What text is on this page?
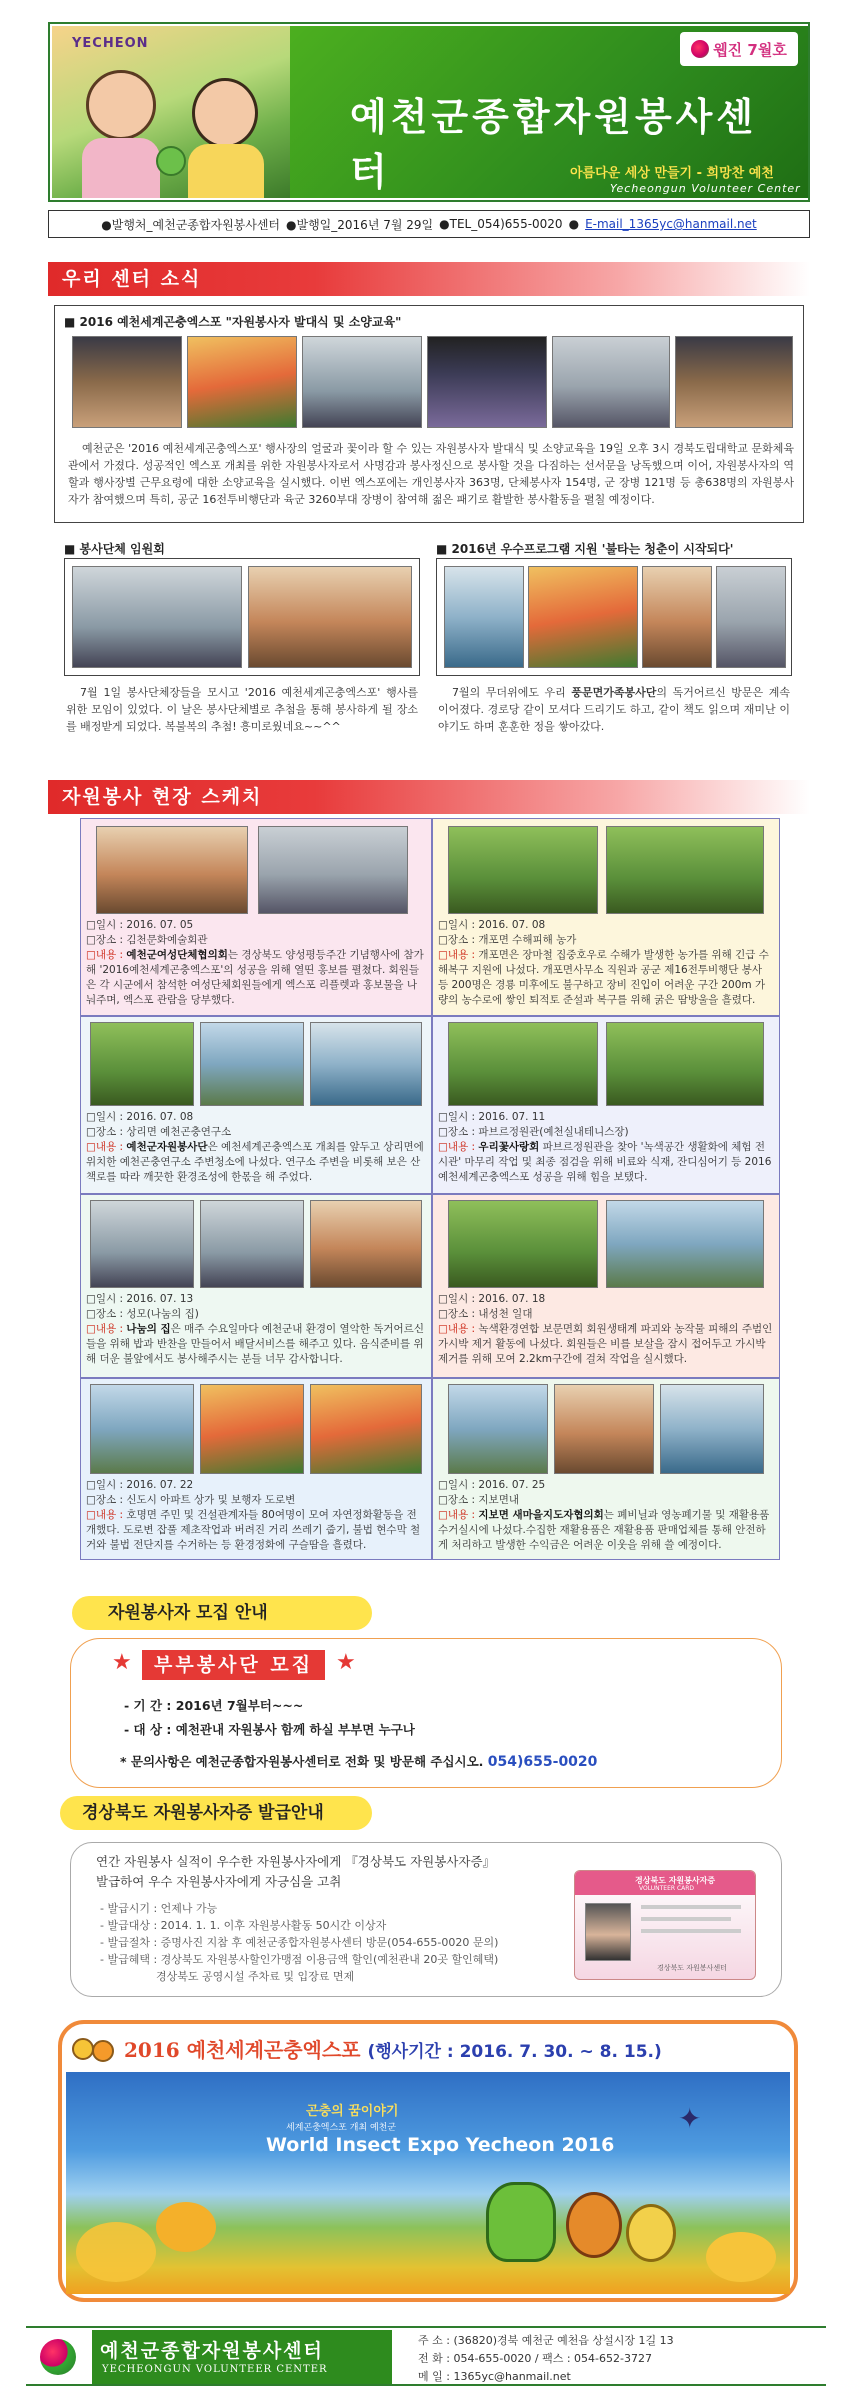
YECHEON	웹진 7월호
예천군종합자원봉사센터	아름다운 세상 만들기 - 희망찬 예천
Yecheongun Volunteer Center
●발행처_예천군종합자원봉사센터 ●발행일_2016년 7월 29일 ●TEL_054)655-0020 ● E-mail_1365yc@hanmail.net
우리 센터 소식
■ 2016 예천세계곤충엑스포 "자원봉사자 발대식 및 소양교육"
예천군은 '2016 예천세계곤충엑스포' 행사장의 얼굴과 꽃이라 할 수 있는 자원봉사자 발대식 및 소양교육을 19일 오후 3시 경북도립대학교 문화체육관에서 가졌다. 성공적인 엑스포 개최를 위한 자원봉사자로서 사명감과 봉사정신으로 봉사할 것을 다짐하는 선서문을 낭독했으며 이어, 자원봉사자의 역할과 행사장별 근무요령에 대한 소양교육을 실시했다. 이번 엑스포에는 개인봉사자 363명, 단체봉사자 154명, 군 장병 121명 등 총638명의 자원봉사자가 참여했으며 특히, 공군 16전투비행단과 육군 3260부대 장병이 참여해 젊은 패기로 활발한 봉사활동을 펼칠 예정이다.
■ 봉사단체 임원회	■ 2016년 우수프로그램 지원 '불타는 청춘이 시작되다'
7월 1일 봉사단체장들을 모시고 '2016 예천세계곤충엑스포' 행사를 위한 모임이 있었다. 이 날은 봉사단체별로 추첨을 통해 봉사하게 될 장소를 배정받게 되었다. 복불복의 추첨! 흥미로웠네요~~^^
7월의 무더위에도 우리 풍문면가족봉사단의 독거어르신 방문은 계속 이어졌다. 경로당 같이 모셔다 드리기도 하고, 같이 책도 읽으며 재미난 이야기도 하며 훈훈한 정을 쌓아갔다.
자원봉사 현장 스케치
□일시 : 2016. 07. 05
□장소 : 김천문화예술회관
□내용 : 예천군여성단체협의회는 경상북도 양성평등주간 기념행사에 참가해 '2016예천세계곤충엑스포'의 성공을 위해 열띤 홍보를 펼쳤다. 회원들은 각 시군에서 참석한 여성단체회원들에게 엑스포 리플렛과 홍보물을 나눠주며, 엑스포 관람을 당부했다.
□일시 : 2016. 07. 08
□장소 : 개포면 수해피해 농가
□내용 : 개포면은 장마철 집중호우로 수해가 발생한 농가를 위해 긴급 수해복구 지원에 나섰다. 개포면사무소 직원과 공군 제16전투비행단 봉사 등 200명은 경룡 미후에도 불구하고 장비 진입이 어려운 구간 200m 가량의 농수로에 쌓인 퇴적토 준설과 복구를 위해 굵은 땀방울을 흘렸다.
□일시 : 2016. 07. 08
□장소 : 상리면 예천곤충연구소
□내용 : 예천군자원봉사단은 예천세계곤충엑스포 개최를 앞두고 상리면에 위치한 예천곤충연구소 주변청소에 나섰다. 연구소 주변을 비롯해 보은 산책로를 따라 깨끗한 환경조성에 한몫을 해 주었다.
□일시 : 2016. 07. 11
□장소 : 파브르정원관(예천실내테니스장)
□내용 : 우리꽃사랑회 파브르정원관을 찾아 '녹색공간 생활화에 체험 전시관' 마무리 작업 및 최종 점검을 위해 비료와 식재, 잔디심어기 등 2016 예천세계곤충엑스포 성공을 위해 힘을 보탰다.
□일시 : 2016. 07. 13
□장소 : 성모(나눔의 집)
□내용 : 나눔의 집은 매주 수요일마다 예천군내 환경이 열악한 독거어르신들을 위해 밥과 반찬을 만들어서 배달서비스를 해주고 있다. 음식준비를 위해 더운 불앞에서도 봉사해주시는 분들 너무 감사합니다.
□일시 : 2016. 07. 18
□장소 : 내성천 일대
□내용 : 녹색환경연합 보문면회 회원생태계 파괴와 농작물 피해의 주범인 가시박 제거 활동에 나섰다. 회원들은 비를 보살을 잠시 접어두고 가시박 제거를 위해 모여 2.2km구간에 걸쳐 작업을 실시했다.
□일시 : 2016. 07. 22
□장소 : 신도시 아파트 상가 및 보행자 도로변
□내용 : 호명면 주민 및 건설관계자들 80여명이 모여 자연정화활동을 전개했다. 도로변 잡풀 제초작업과 버려진 거리 쓰레기 줍기, 불법 현수막 철거와 불법 전단지를 수거하는 등 환경정화에 구슬땀을 흘렸다.
□일시 : 2016. 07. 25
□장소 : 지보면내
□내용 : 지보면 새마을지도자협의회는 폐비닐과 영농폐기물 및 재활용품 수거실시에 나섰다.수집한 재활용품은 재활용품 판매업체를 통해 안전하게 처리하고 발생한 수익금은 어려운 이웃을 위해 쓸 예정이다.
자원봉사자 모집 안내
★	부부봉사단 모집	★
- 기 간 : 2016년 7월부터~~~
- 대 상 : 예천관내 자원봉사 함께 하실 부부면 누구나
* 문의사항은 예천군종합자원봉사센터로 전화 및 방문해 주십시오. 054)655-0020
경상북도 자원봉사자증 발급안내
연간 자원봉사 실적이 우수한 자원봉사자에게 『경상북도 자원봉사자증』
발급하여 우수 자원봉사자에게 자긍심을 고취
- 발급시기 : 언제나 가능
- 발급대상 : 2014. 1. 1. 이후 자원봉사활동 50시간 이상자
- 발급절차 : 증명사진 지참 후 예천군종합자원봉사센터 방문(054-655-0020 문의)
- 발급혜택 : 경상북도 자원봉사할인가맹점 이용금액 할인(예천관내 20곳 할인혜택)
경상북도 공영시설 주차료 및 입장료 면제
경상북도 자원봉사자증
VOLUNTEER CARD
경상북도 자원봉사센터
2016 예천세계곤충엑스포 (행사기간 : 2016. 7. 30. ~ 8. 15.)
곤충의 꿈이야기
세계곤충엑스포 개최 예천군
World Insect Expo Yecheon 2016
✦
예천군종합자원봉사센터
YECHEONGUN VOLUNTEER CENTER
주 소 : (36820)경북 예천군 예천읍 상설시장 1길 13
전 화 : 054-655-0020 / 팩스 : 054-652-3727
메 일 : 1365yc@hanmail.net
